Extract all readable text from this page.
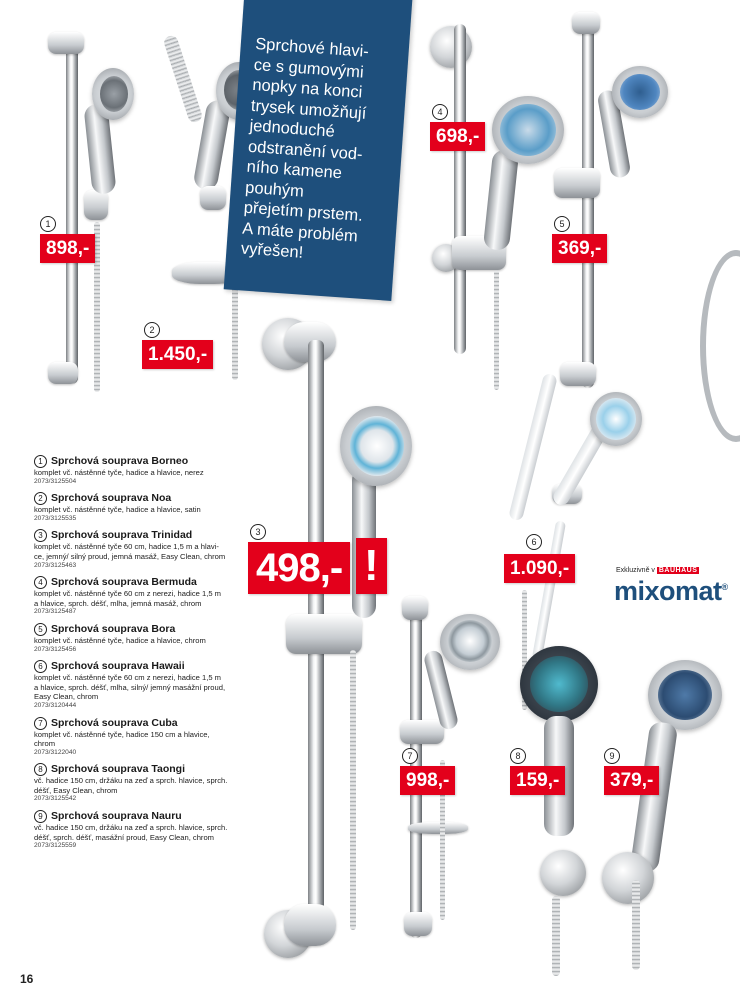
Sprchové hlavi-
ce s gumovými
nopky na konci
trysek umožňují
jednoduché
odstranění vod-
ního kamene
pouhým
přejetím prstem.
A máte problém
vyřešen!
1
898,-
2
1.450,-
4
698,-
5
369,-
3
498,- !	6
1.090,-
7
998,-
8
159,-
9
379,-
Exkluzivně v BAUHAUS
mixomat®
1 Sprchová souprava Borneo
komplet vč. nástěnné tyče, hadice a hlavice, nerez
2073/3125504
2 Sprchová souprava Noa
komplet vč. nástěnné tyče, hadice a hlavice, satin
2073/3125535
3 Sprchová souprava Trinidad
komplet vč. nástěnné tyče 60 cm, hadice 1,5 m a hlavi-
ce, jemný/ silný proud, jemná masáž, Easy Clean, chrom
2073/3125463
4 Sprchová souprava Bermuda
komplet vč. nástěnné tyče 60 cm z nerezi, hadice 1,5 m
a hlavice, sprch. déšť, mlha, jemná masáž, chrom
2073/3125487
5 Sprchová souprava Bora
komplet vč. nástěnné tyče, hadice a hlavice, chrom
2073/3125456
6 Sprchová souprava Hawaii
komplet vč. nástěnné tyče 60 cm z nerezi, hadice 1,5 m
a hlavice, sprch. déšť, mlha, silný/ jemný masážní proud,
Easy Clean, chrom
2073/3120444
7 Sprchová souprava Cuba
komplet vč. nástěnné tyče, hadice 150 cm a hlavice,
chrom
2073/3122040
8 Sprchová souprava Taongi
vč. hadice 150 cm, držáku na zeď a sprch. hlavice, sprch.
déšť, Easy Clean, chrom
2073/3125542
9 Sprchová souprava Nauru
vč. hadice 150 cm, držáku na zeď a sprch. hlavice, sprch.
déšť, sprch. déšť, masážní proud, Easy Clean, chrom
2073/3125559
16
